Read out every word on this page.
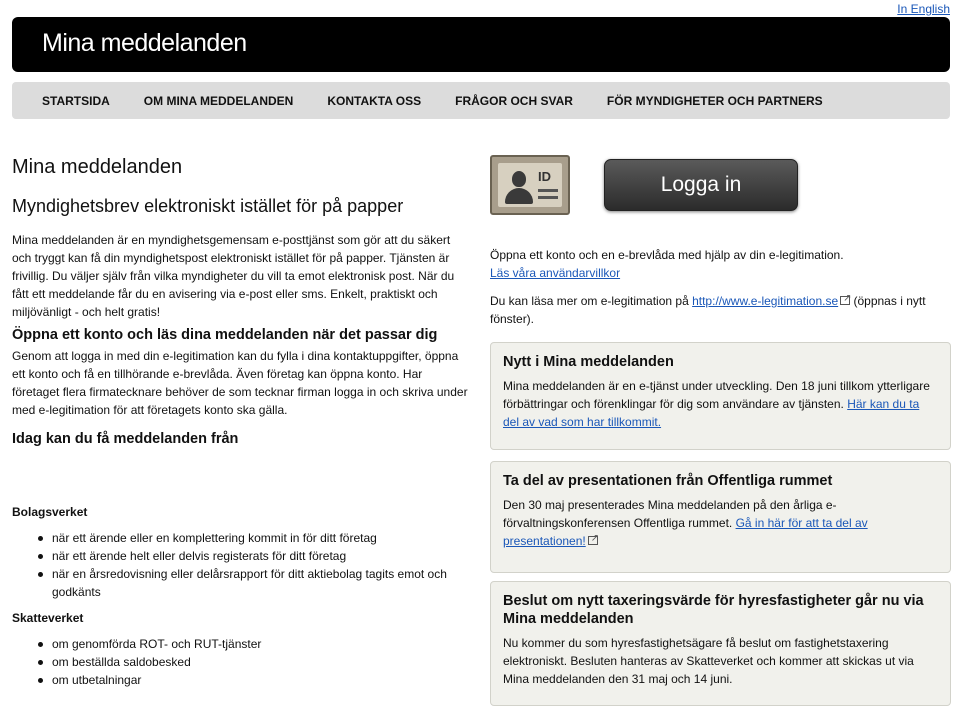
In English
Mina meddelanden
STARTSIDA	OM MINA MEDDELANDEN	KONTAKTA OSS	FRÅGOR OCH SVAR	FÖR MYNDIGHETER OCH PARTNERS
Mina meddelanden
Myndighetsbrev elektroniskt istället för på papper

Mina meddelanden är en myndighetsgemensam e-posttjänst som gör att du säkert och tryggt kan få din myndighetspost elektroniskt istället för på papper. Tjänsten är frivillig. Du väljer själv från vilka myndigheter du vill ta emot elektronisk post. När du fått ett meddelande får du en avisering via e-post eller sms. Enkelt, praktiskt och miljövänligt - och helt gratis!

Öppna ett konto och läs dina meddelanden när det passar dig

Genom att logga in med din e-legitimation kan du fylla i dina kontaktuppgifter, öppna ett konto och få en tillhörande e-brevlåda. Även företag kan öppna konto. Har företaget flera firmatecknare behöver de som tecknar firman logga in och skriva under med e-legitimation för att företagets konto ska gälla.

Idag kan du få meddelanden från
Bolagsverket
när ett ärende eller en komplettering kommit in för ditt företag
när ett ärende helt eller delvis registerats för ditt företag
när en årsredovisning eller delårsrapport för ditt aktiebolag tagits emot och godkänts
Skatteverket
om genomförda ROT- och RUT-tjänster
om beställda saldobesked
om utbetalningar
ID	Logga in
Öppna ett konto och en e-brevlåda med hjälp av din e-legitimation.
Läs våra användarvillkor
Du kan läsa mer om e-legitimation på http://www.e-legitimation.se↗ (öppnas i nytt fönster).
Nytt i Mina meddelanden

Mina meddelanden är en e-tjänst under utveckling. Den 18 juni tillkom ytterligare förbättringar och förenklingar för dig som användare av tjänsten. Här kan du ta del av vad som har tillkommit.

Ta del av presentationen från Offentliga rummet

Den 30 maj presenterades Mina meddelanden på den årliga e-förvaltningskonferensen Offentliga rummet. Gå in här för att ta del av presentationen!↗

Beslut om nytt taxeringsvärde för hyresfastigheter går nu via Mina meddelanden

Nu kommer du som hyresfastighetsägare få beslut om fastighetstaxering elektroniskt. Besluten hanteras av Skatteverket och kommer att skickas ut via Mina meddelanden den 31 maj och 14 juni.
